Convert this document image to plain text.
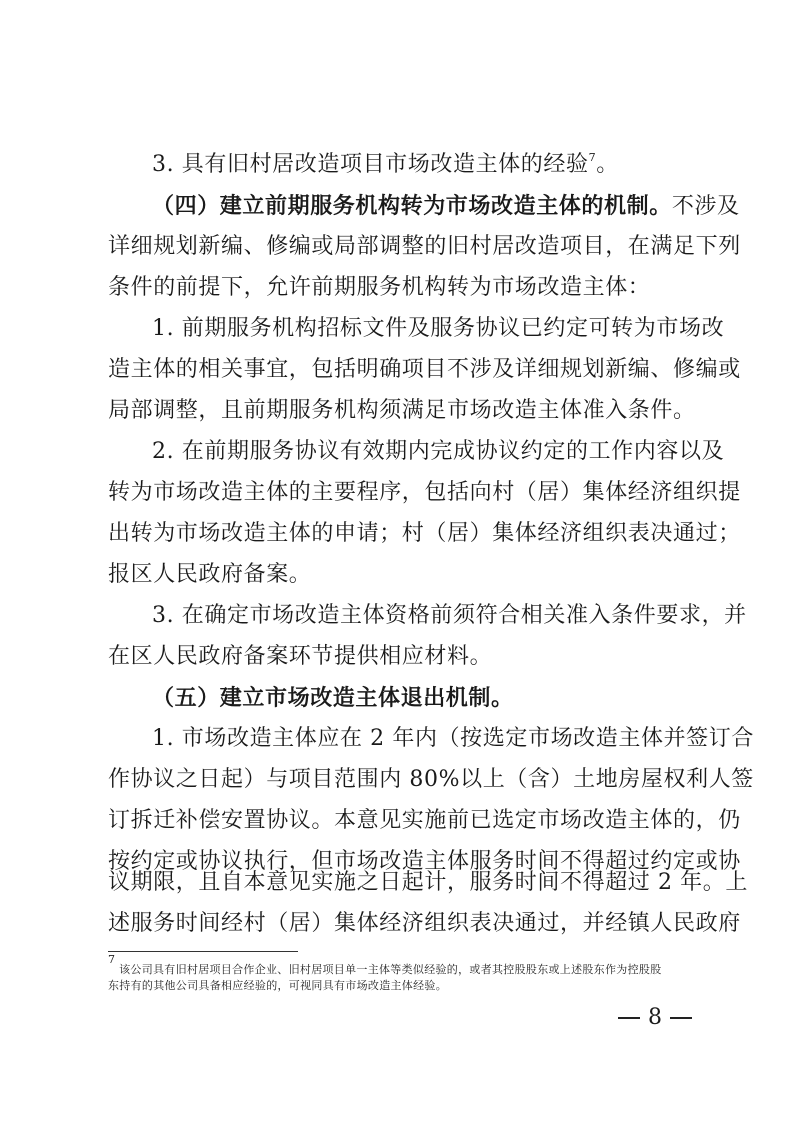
3. 具有旧村居改造项目市场改造主体的经验$^7$。
（四）建立前期服务机构转为市场改造主体的机制。不涉及
详细规划新编、修编或局部调整的旧村居改造项目，在满足下列
条件的前提下，允许前期服务机构转为市场改造主体：
1. 前期服务机构招标文件及服务协议已约定可转为市场改
造主体的相关事宜，包括明确项目不涉及详细规划新编、修编或
局部调整，且前期服务机构须满足市场改造主体准入条件。
2. 在前期服务协议有效期内完成协议约定的工作内容以及
转为市场改造主体的主要程序，包括向村（居）集体经济组织提
出转为市场改造主体的申请；村（居）集体经济组织表决通过；
报区人民政府备案。
3. 在确定市场改造主体资格前须符合相关准入条件要求，并
在区人民政府备案环节提供相应材料。
（五）建立市场改造主体退出机制。
1. 市场改造主体应在 2 年内（按选定市场改造主体并签订合
作协议之日起）与项目范围内 80%以上（含）土地房屋权利人签
订拆迁补偿安置协议。本意见实施前已选定市场改造主体的，仍
按约定或协议执行，但市场改造主体服务时间不得超过约定或协
议期限，且自本意见实施之日起计，服务时间不得超过 2 年。上
述服务时间经村（居）集体经济组织表决通过，并经镇人民政府
$^7$ 该公司具有旧村居项目合作企业、旧村居项目单一主体等类似经验的，或者其控股股东或上述股东作为控股股
东持有的其他公司具备相应经验的，可视同具有市场改造主体经验。
8
